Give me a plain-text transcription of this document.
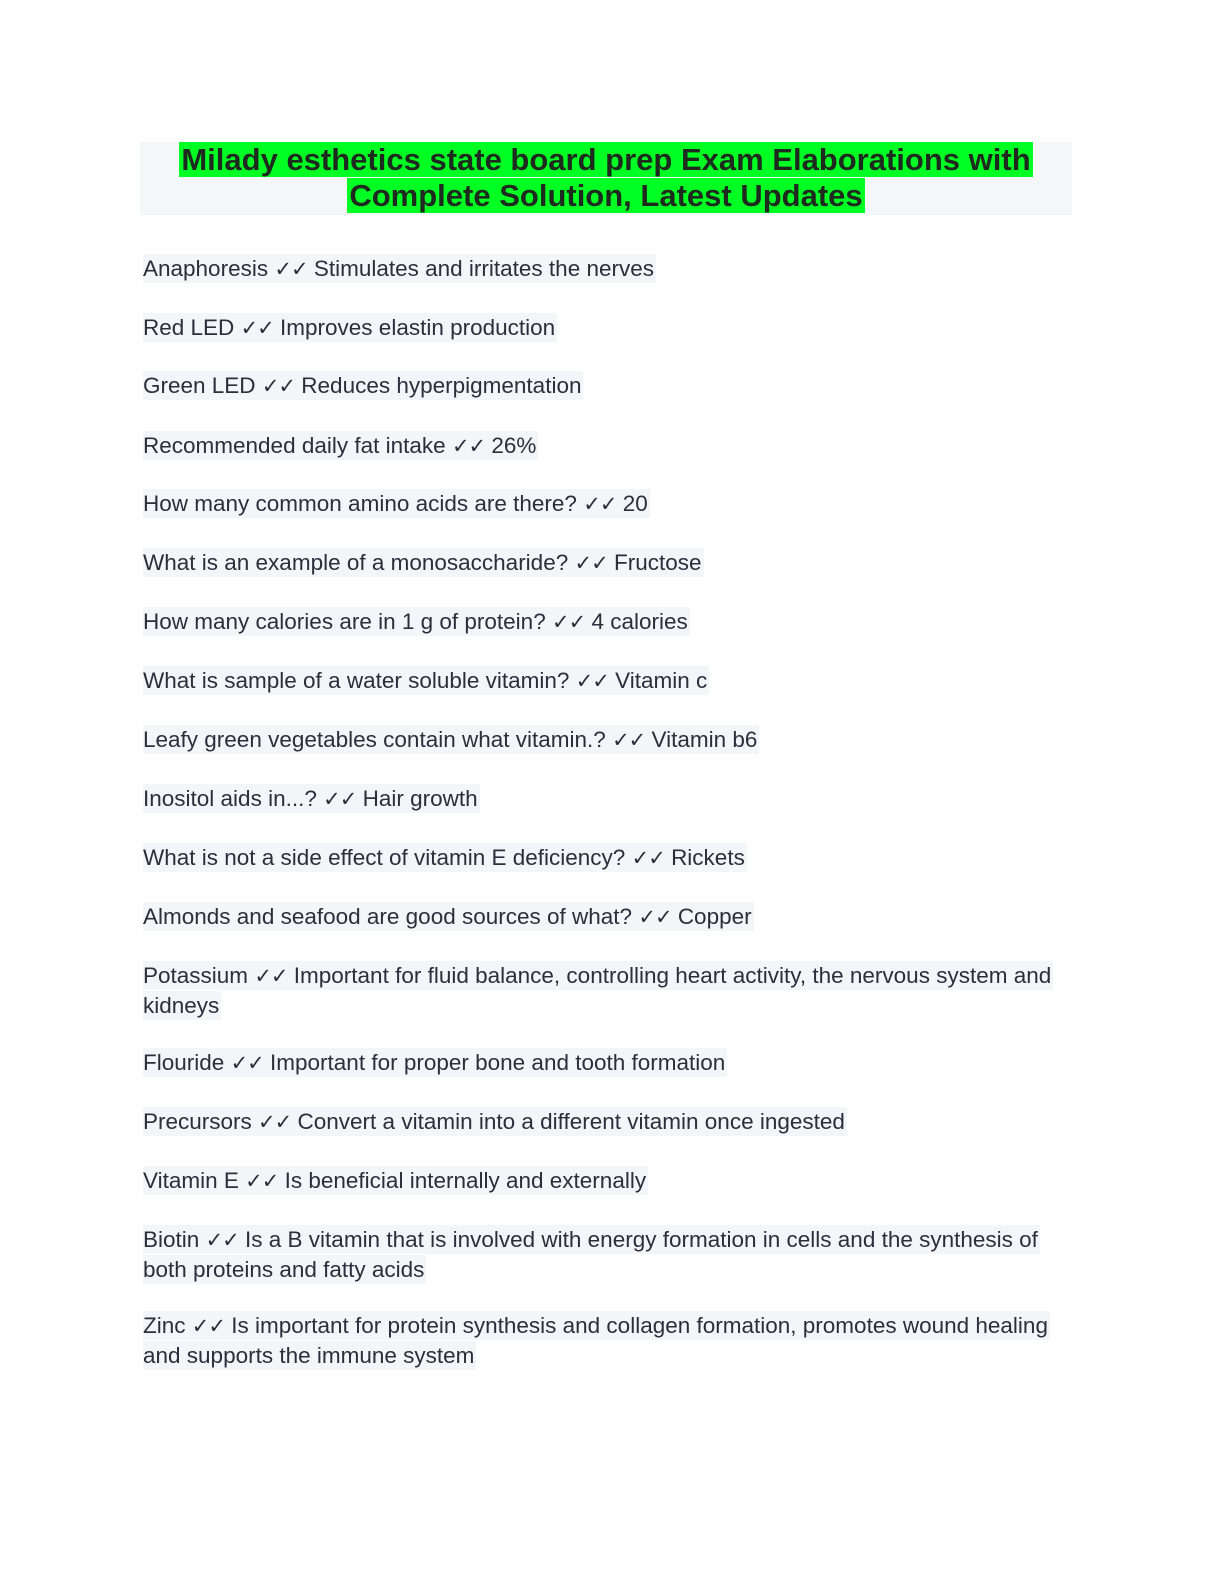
Milady esthetics state board prep Exam Elaborations with
Complete Solution, Latest Updates
Anaphoresis ✓✓ Stimulates and irritates the nerves
Red LED ✓✓ Improves elastin production
Green LED ✓✓ Reduces hyperpigmentation
Recommended daily fat intake ✓✓ 26%
How many common amino acids are there? ✓✓ 20
What is an example of a monosaccharide? ✓✓ Fructose
How many calories are in 1 g of protein? ✓✓ 4 calories
What is sample of a water soluble vitamin? ✓✓ Vitamin c
Leafy green vegetables contain what vitamin.? ✓✓ Vitamin b6
Inositol aids in...? ✓✓ Hair growth
What is not a side effect of vitamin E deficiency? ✓✓ Rickets
Almonds and seafood are good sources of what? ✓✓ Copper
Potassium ✓✓ Important for fluid balance, controlling heart activity, the nervous system and kidneys
Flouride ✓✓ Important for proper bone and tooth formation
Precursors ✓✓ Convert a vitamin into a different vitamin once ingested
Vitamin E ✓✓ Is beneficial internally and externally
Biotin ✓✓ Is a B vitamin that is involved with energy formation in cells and the synthesis of both proteins and fatty acids
Zinc ✓✓ Is important for protein synthesis and collagen formation, promotes wound healing and supports the immune system
